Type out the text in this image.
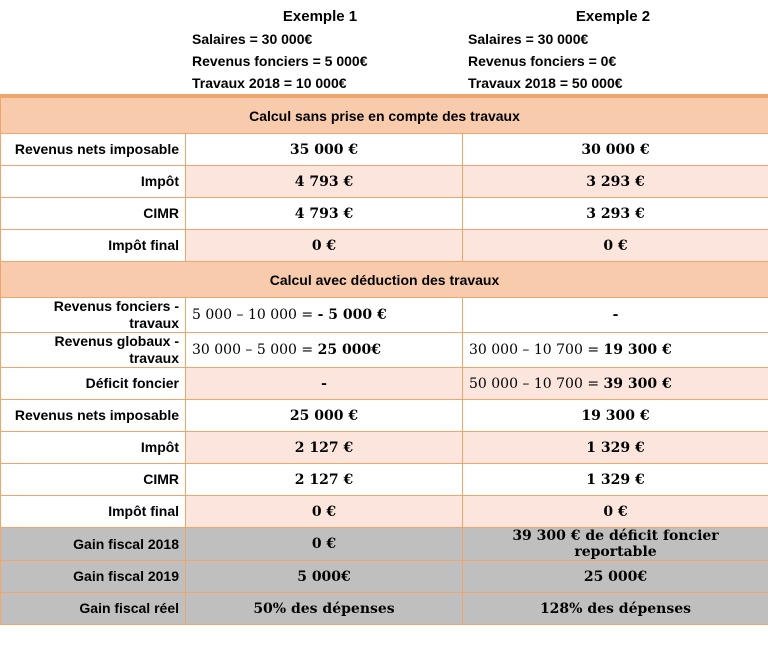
Exemple 1
Salaires = 30 000€
Revenus fonciers = 5 000€
Travaux 2018 = 10 000€
Exemple 2
Salaires = 30 000€
Revenus fonciers = 0€
Travaux 2018 = 50 000€
Calcul sans prise en compte des travaux		
Revenus nets imposable	35 000 €	30 000 €
Impôt	4 793 €	3 293 €
CIMR	4 793 €	3 293 €
Impôt final	0 €	0 €
Calcul avec déduction des travaux		
Revenus fonciers - travaux	5 000 – 10 000 = - 5 000 €	-
Revenus globaux - travaux	30 000 – 5 000 = 25 000€	30 000 – 10 700 = 19 300 €
Déficit foncier	-	50 000 – 10 700 = 39 300 €
Revenus nets imposable	25 000 €	19 300 €
Impôt	2 127 €	1 329 €
CIMR	2 127 €	1 329 €
Impôt final	0 €	0 €
Gain fiscal 2018	0 €	39 300 € de déficit foncier reportable
Gain fiscal 2019	5 000€	25 000€
Gain fiscal réel	50% des dépenses	128% des dépenses
